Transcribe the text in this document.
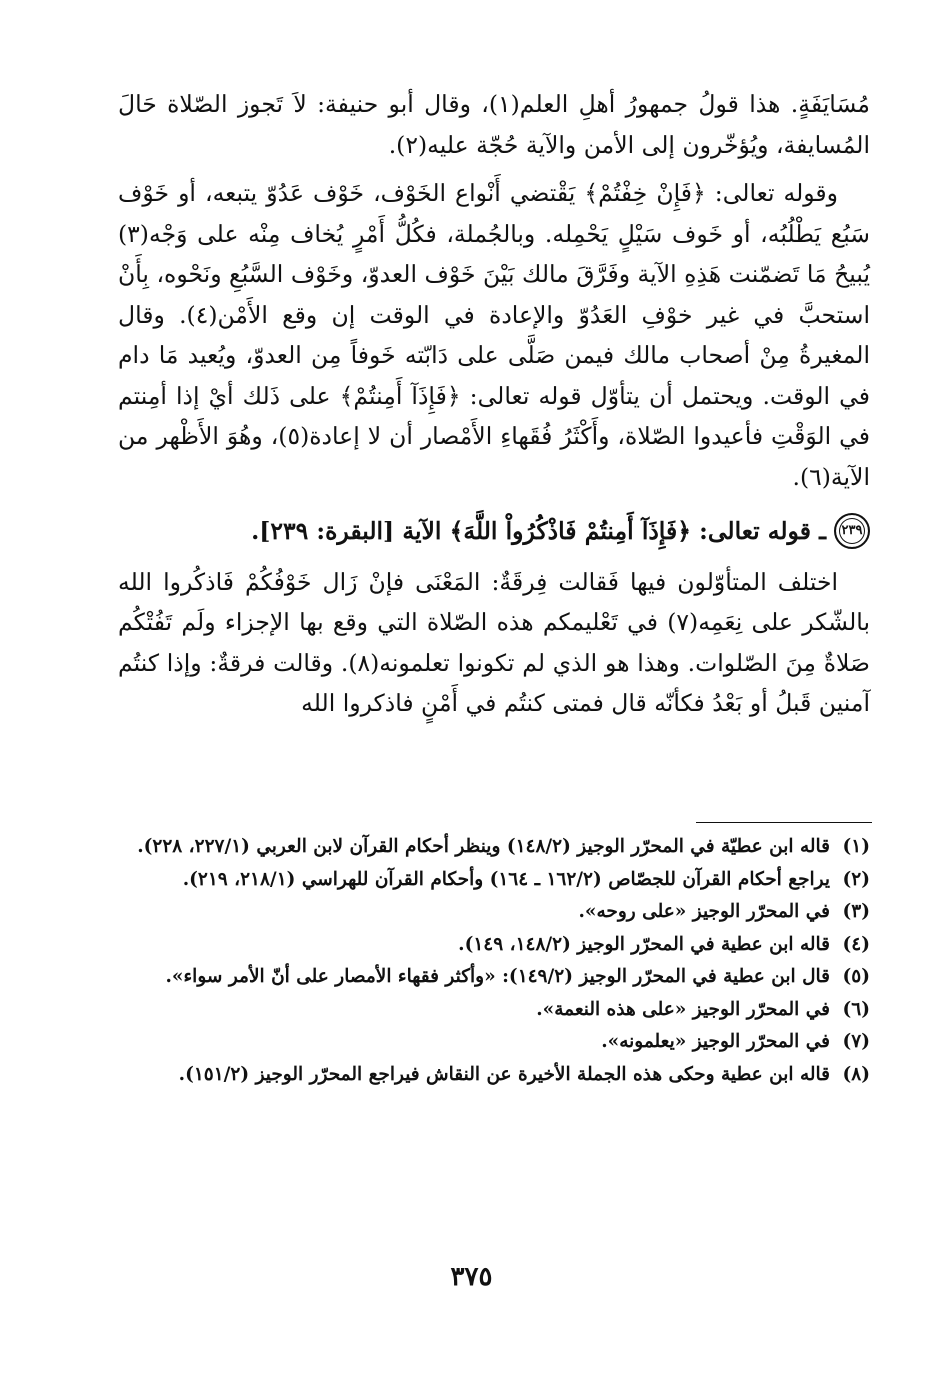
مُسَايَفَةٍ. هذا قولُ جمهورُ أهلِ العلم(١)، وقال أبو حنيفة: لاَ تَجوز الصّلاة حَالَ المُسايفة، ويُؤخّرون إلى الأمن والآية حُجّة عليه(٢).

وقوله تعالى: ﴿فَإِنْ خِفْتُمْ﴾ يَقْتضي أَنْواع الخَوْف، خَوْف عَدُوّ يتبعه، أو خَوْف سَبُع يَطْلُبُه، أو خَوف سَيْلٍ يَحْمِله. وبالجُملة، فكُلُّ أَمْرٍ يُخاف مِنْه على وَجْه(٣) يُبيحُ مَا تَضمّنت هَذِهِ الآية وفَرَّقَ مالك بَيْنَ خَوْف العدوّ، وخَوْف السَّبُعِ ونَحْوه، بِأَنْ استحبَّ في غير خوْفِ العَدُوّ والإعادة في الوقت إن وقع الأَمْن(٤). وقال المغيرةُ مِنْ أصحاب مالك فيمن صَلَّى على دَابّته خَوفاً مِن العدوّ، ويُعيد مَا دام في الوقت. ويحتمل أن يتأوّل قوله تعالى: ﴿فَإِذَآ أَمِنتُمْ﴾ على ذَلك أيْ إذا أمِنتم في الوَقْتِ فأعيدوا الصّلاة، وأَكْثَرُ فُقَهاءِ الأَمْصار أن لا إعادة(٥)، وهُوَ الأَظْهر من الآية(٦).

٢٣٩
ـ قوله تعالى: ﴿فَإِذَآ أَمِنتُمْ فَاذْكُرُواْ اللَّهَ﴾ الآية [البقرة: ٢٣٩].

اختلف المتأوّلون فيها فَقالت فِرقَةٌ: المَعْنَى فإنْ زَال خَوْفُكُمْ فَاذكُروا الله بالشّكر على نِعَمِه(٧) في تَعْليمكم هذه الصّلاة التي وقع بها الإجزاء ولَم تَفُتْكُم صَلاةٌ مِنَ الصّلوات. وهذا هو الذي لم تكونوا تعلمونه(٨). وقالت فرقةٌ: وإذا كنتُم آمنين قَبلُ أو بَعْدُ فكأنّه قال فمتى كنتُم في أَمْنٍ فاذكروا الله

(١)
قاله ابن عطيّة في المحرّر الوجيز (١٤٨/٢) وينظر أحكام القرآن لابن العربي (٢٢٧/١، ٢٢٨).
(٢)
يراجع أحكام القرآن للجصّاص (١٦٢/٢ ـ ١٦٤) وأحكام القرآن للهراسي (٢١٨/١، ٢١٩).
(٣)
في المحرّر الوجيز «على روحه».
(٤)
قاله ابن عطية في المحرّر الوجيز (١٤٨/٢، ١٤٩).
(٥)
قال ابن عطية في المحرّر الوجيز (١٤٩/٢): «وأكثر فقهاء الأمصار على أنّ الأمر سواء».
(٦)
في المحرّر الوجيز «على هذه النعمة».
(٧)
في المحرّر الوجيز «يعلمونه».
(٨)
قاله ابن عطية وحكى هذه الجملة الأخيرة عن النقاش فيراجع المحرّر الوجيز (١٥١/٢).
٣٧٥
